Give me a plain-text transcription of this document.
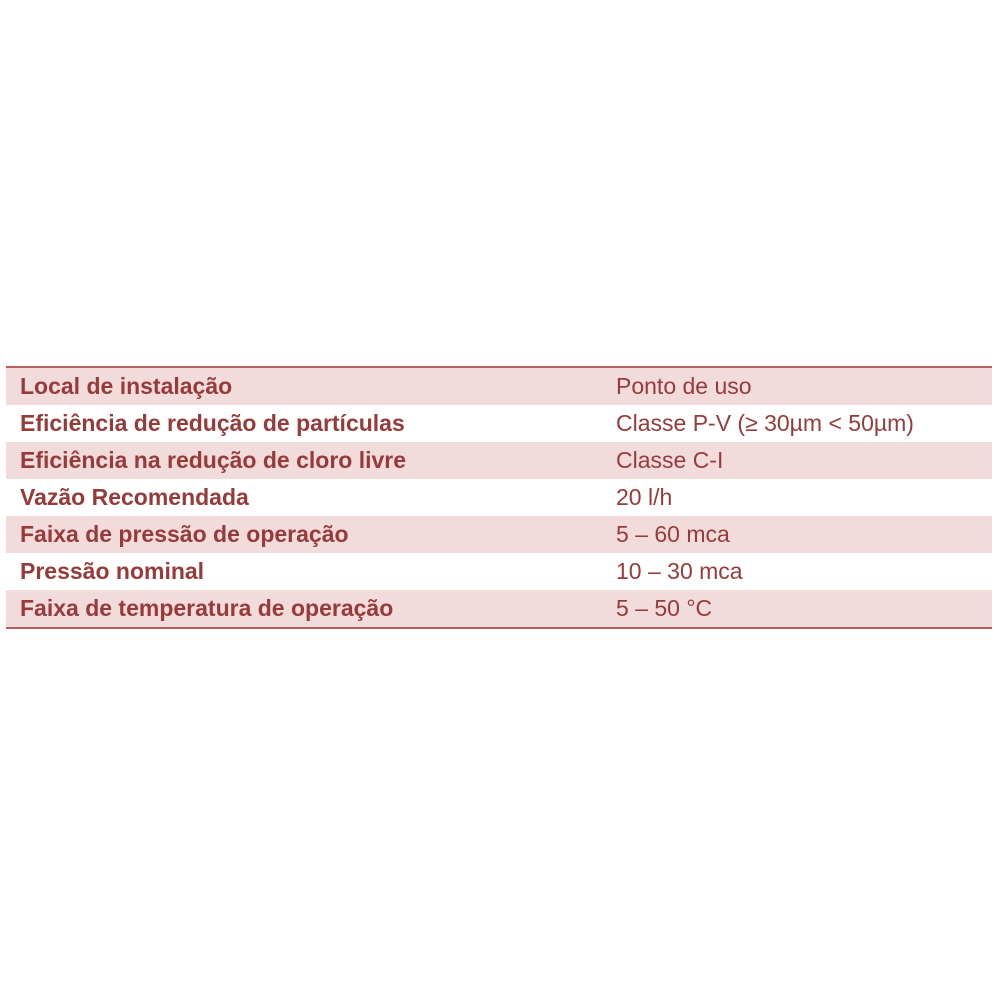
Local de instalação	Ponto de uso
Eficiência de redução de partículas	Classe P-V (≥ 30µm < 50µm)
Eficiência na redução de cloro livre	Classe C-I
Vazão Recomendada	20 l/h
Faixa de pressão de operação	5 – 60 mca
Pressão nominal	10 – 30 mca
Faixa de temperatura de operação	5 – 50 °C
